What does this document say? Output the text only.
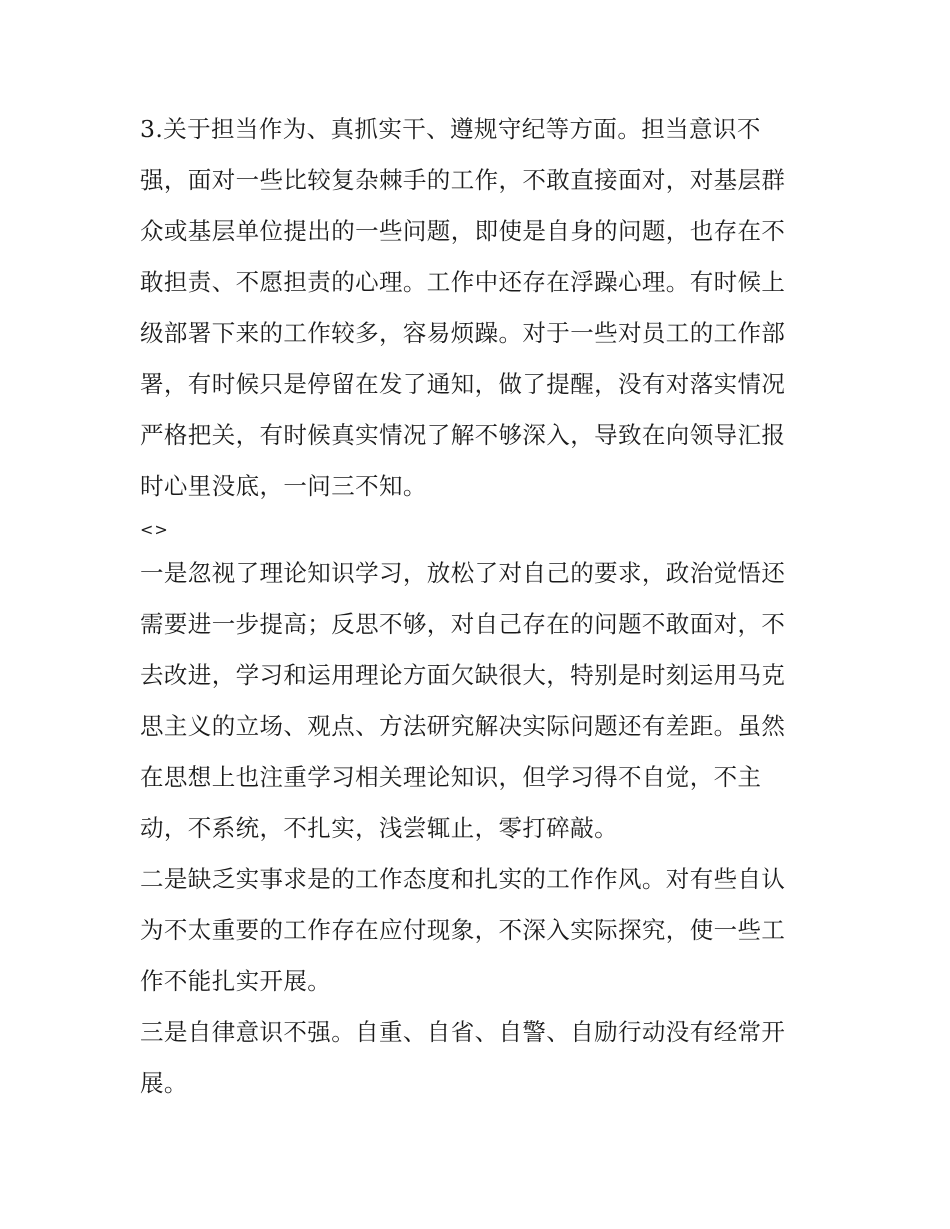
3.关于担当作为、真抓实干、遵规守纪等方面。担当意识不
强，面对一些比较复杂棘手的工作，不敢直接面对，对基层群
众或基层单位提出的一些问题，即使是自身的问题，也存在不
敢担责、不愿担责的心理。工作中还存在浮躁心理。有时候上
级部署下来的工作较多，容易烦躁。对于一些对员工的工作部
署，有时候只是停留在发了通知，做了提醒，没有对落实情况
严格把关，有时候真实情况了解不够深入，导致在向领导汇报
时心里没底，一问三不知。

<>

一是忽视了理论知识学习，放松了对自己的要求，政治觉悟还
需要进一步提高；反思不够，对自己存在的问题不敢面对，不
去改进，学习和运用理论方面欠缺很大，特别是时刻运用马克
思主义的立场、观点、方法研究解决实际问题还有差距。虽然
在思想上也注重学习相关理论知识，但学习得不自觉，不主
动，不系统，不扎实，浅尝辄止，零打碎敲。

二是缺乏实事求是的工作态度和扎实的工作作风。对有些自认
为不太重要的工作存在应付现象，不深入实际探究，使一些工
作不能扎实开展。

三是自律意识不强。自重、自省、自警、自励行动没有经常开
展。
